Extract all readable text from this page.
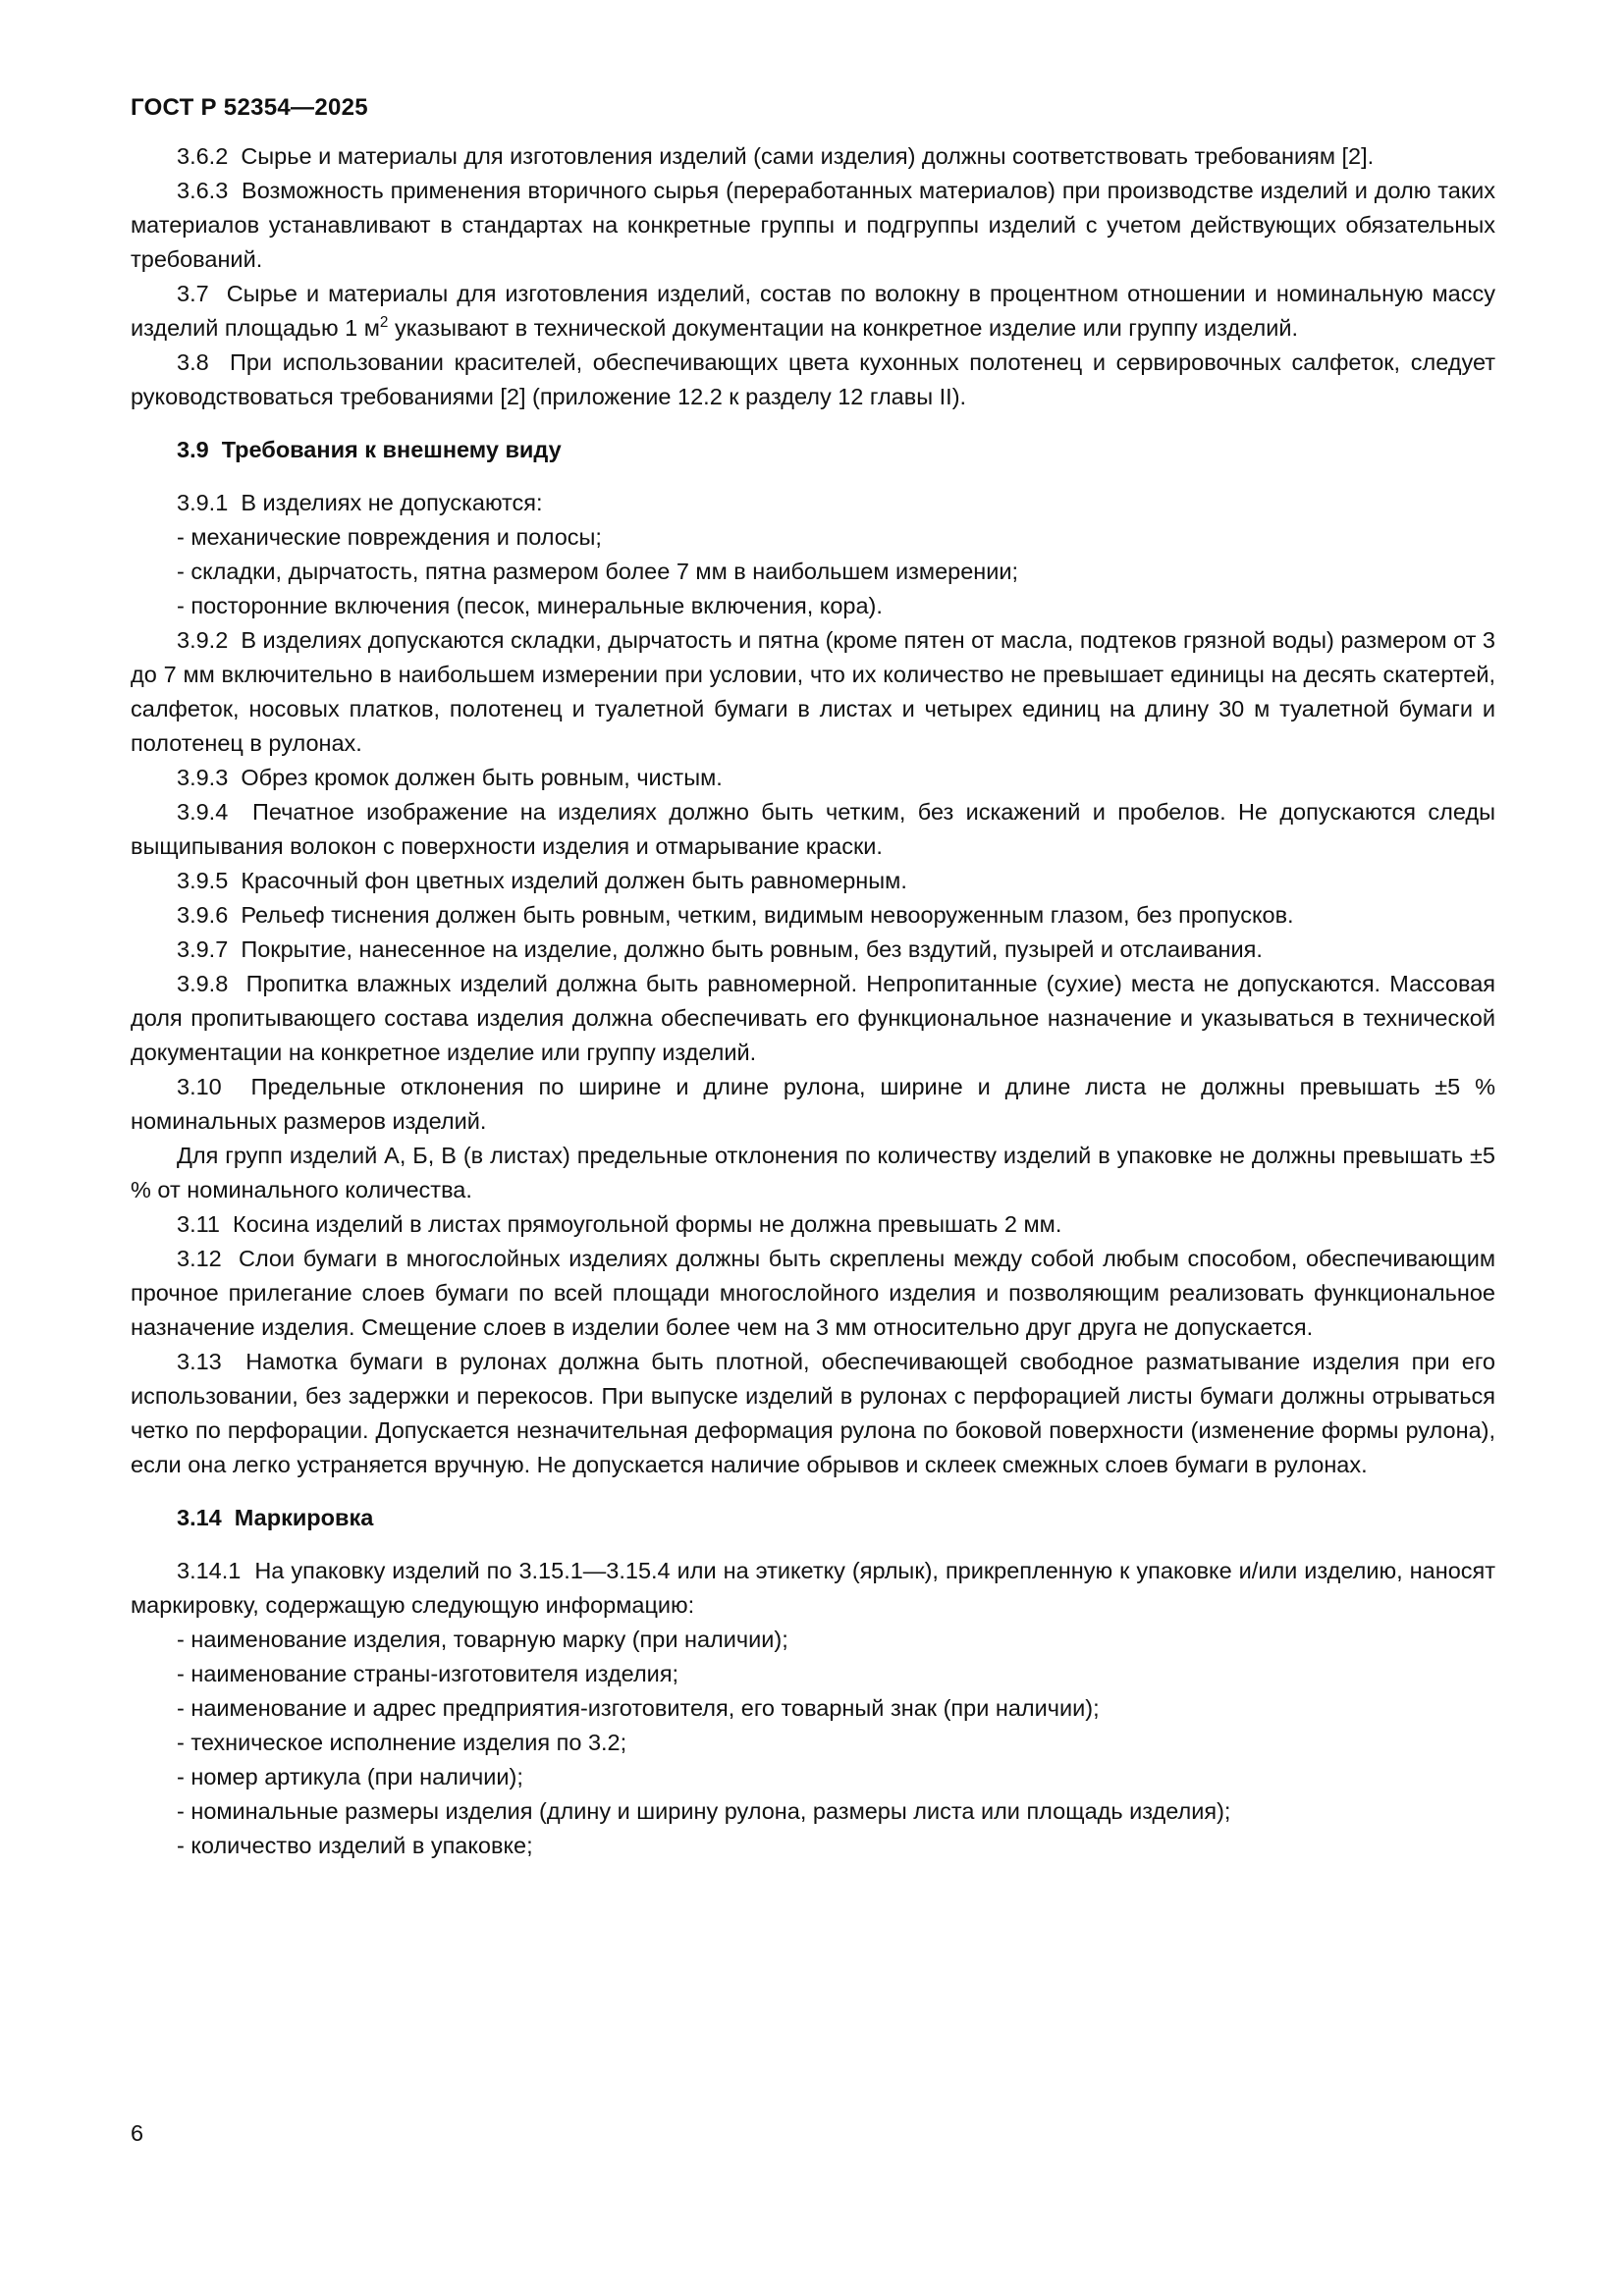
ГОСТ Р 52354—2025

3.6.2  Сырье и материалы для изготовления изделий (сами изделия) должны соответствовать требованиям [2].

3.6.3  Возможность применения вторичного сырья (переработанных материалов) при производстве изделий и долю таких материалов устанавливают в стандартах на конкретные группы и подгруппы изделий с учетом действующих обязательных требований.

3.7  Сырье и материалы для изготовления изделий, состав по волокну в процентном отношении и номинальную массу изделий площадью 1 $м^2$ указывают в технической документации на конкретное изделие или группу изделий.

3.8  При использовании красителей, обеспечивающих цвета кухонных полотенец и сервировочных салфеток, следует руководствоваться требованиями [2] (приложение 12.2 к разделу 12 главы II).

3.9  Требования к внешнему виду

3.9.1  В изделиях не допускаются:

- механические повреждения и полосы;

- складки, дырчатость, пятна размером более 7 мм в наибольшем измерении;

- посторонние включения (песок, минеральные включения, кора).

3.9.2  В изделиях допускаются складки, дырчатость и пятна (кроме пятен от масла, подтеков грязной воды) размером от 3 до 7 мм включительно в наибольшем измерении при условии, что их количество не превышает единицы на десять скатертей, салфеток, носовых платков, полотенец и туалетной бумаги в листах и четырех единиц на длину 30 м туалетной бумаги и полотенец в рулонах.

3.9.3  Обрез кромок должен быть ровным, чистым.

3.9.4  Печатное изображение на изделиях должно быть четким, без искажений и пробелов. Не допускаются следы выщипывания волокон с поверхности изделия и отмарывание краски.

3.9.5  Красочный фон цветных изделий должен быть равномерным.

3.9.6  Рельеф тиснения должен быть ровным, четким, видимым невооруженным глазом, без пропусков.

3.9.7  Покрытие, нанесенное на изделие, должно быть ровным, без вздутий, пузырей и отслаивания.

3.9.8  Пропитка влажных изделий должна быть равномерной. Непропитанные (сухие) места не допускаются. Массовая доля пропитывающего состава изделия должна обеспечивать его функциональное назначение и указываться в технической документации на конкретное изделие или группу изделий.

3.10  Предельные отклонения по ширине и длине рулона, ширине и длине листа не должны превышать ±5 % номинальных размеров изделий.

Для групп изделий А, Б, В (в листах) предельные отклонения по количеству изделий в упаковке не должны превышать ±5 % от номинального количества.

3.11  Косина изделий в листах прямоугольной формы не должна превышать 2 мм.

3.12  Слои бумаги в многослойных изделиях должны быть скреплены между собой любым способом, обеспечивающим прочное прилегание слоев бумаги по всей площади многослойного изделия и позволяющим реализовать функциональное назначение изделия. Смещение слоев в изделии более чем на 3 мм относительно друг друга не допускается.

3.13  Намотка бумаги в рулонах должна быть плотной, обеспечивающей свободное разматывание изделия при его использовании, без задержки и перекосов. При выпуске изделий в рулонах с перфорацией листы бумаги должны отрываться четко по перфорации. Допускается незначительная деформация рулона по боковой поверхности (изменение формы рулона), если она легко устраняется вручную. Не допускается наличие обрывов и склеек смежных слоев бумаги в рулонах.

3.14  Маркировка

3.14.1  На упаковку изделий по 3.15.1—3.15.4 или на этикетку (ярлык), прикрепленную к упаковке и/или изделию, наносят маркировку, содержащую следующую информацию:

- наименование изделия, товарную марку (при наличии);

- наименование страны-изготовителя изделия;

- наименование и адрес предприятия-изготовителя, его товарный знак (при наличии);

- техническое исполнение изделия по 3.2;

- номер артикула (при наличии);

- номинальные размеры изделия (длину и ширину рулона, размеры листа или площадь изделия);

- количество изделий в упаковке;

6
